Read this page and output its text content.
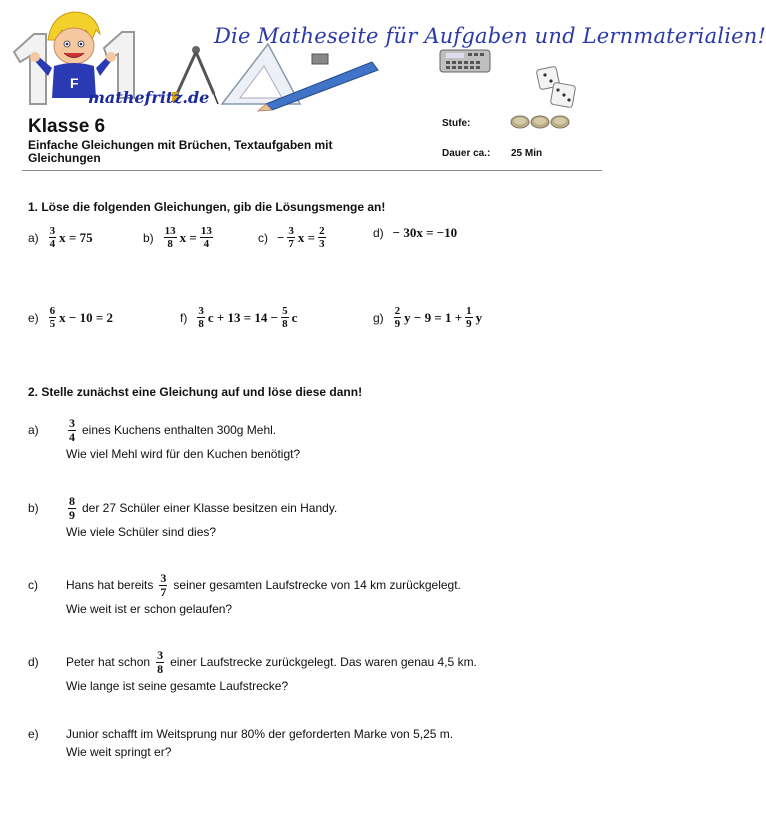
F
Die Matheseite für Aufgaben und Lernmaterialien!
mathefritz.de
Klasse 6
Einfache Gleichungen mit Brüchen, Textaufgaben mit Gleichungen
Stufe:
Dauer ca.: 25 Min
1. Löse die folgenden Gleichungen, gib die Lösungsmenge an!
$a) \frac{3}{4}$ x = 75	$b) \frac{13}{8}$ $x = \frac{13}{4}$	$c) - \frac{3}{7}$ $x = \frac{2}{3}$	d) − 30x = −10
$e) \frac{6}{5}$ x − 10 = 2	$f) \frac{3}{8}$ $c + 13 = 14 - \frac{5}{8}$ c	$g) \frac{2}{9}$ $y - 9 = 1 + \frac{1}{9}$ y
2. Stelle zunächst eine Gleichung auf und löse diese dann!
$a) \frac{3}{4}$ eines Kuchens enthalten 300g Mehl.
Wie viel Mehl wird für den Kuchen benötigt?
$b) \frac{8}{9}$ der 27 Schüler einer Klasse besitzen ein Handy.
Wie viele Schüler sind dies?
c) Hans hat bereits $\frac{3}{7}$ seiner gesamten Laufstrecke von 14 km zurückgelegt.
Wie weit ist er schon gelaufen?
d) Peter hat schon $\frac{3}{8}$ einer Laufstrecke zurückgelegt. Das waren genau 4,5 km.
Wie lange ist seine gesamte Laufstrecke?
e) Junior schafft im Weitsprung nur 80% der geforderten Marke von 5,25 m.
Wie weit springt er?
